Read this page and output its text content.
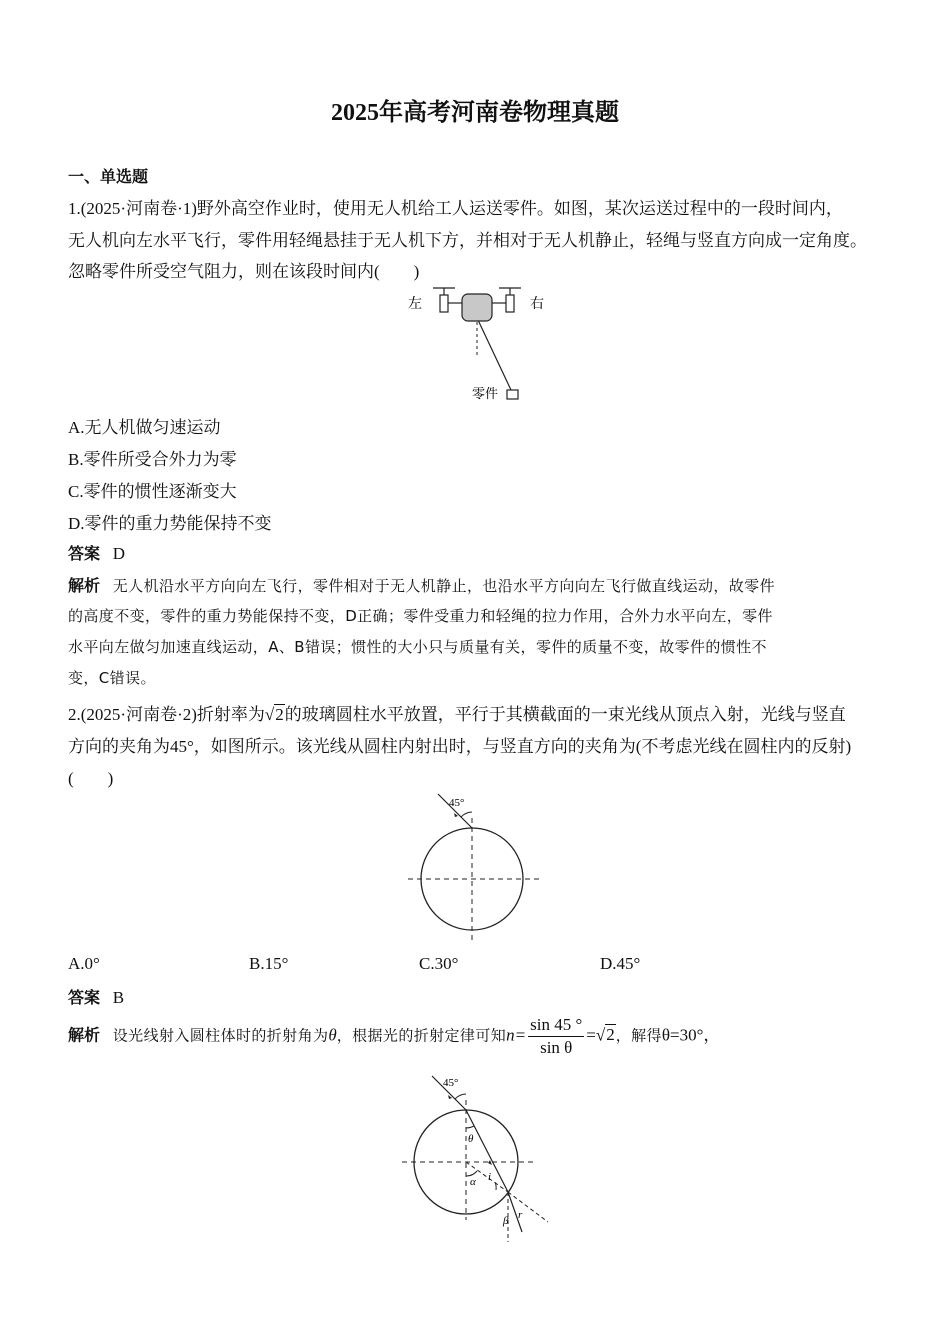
2025年高考河南卷物理真题
一、单选题
1.(2025·河南卷·1)野外高空作业时，使用无人机给工人运送零件。如图，某次运送过程中的一段时间内，
无人机向左水平飞行，零件用轻绳悬挂于无人机下方，并相对于无人机静止，轻绳与竖直方向成一定角度。
忽略零件所受空气阻力，则在该段时间内(　　)
左	右
零件
A.无人机做匀速运动
B.零件所受合外力为零
C.零件的惯性逐渐变大
D.零件的重力势能保持不变
答案 D
解析 无人机沿水平方向向左飞行，零件相对于无人机静止，也沿水平方向向左飞行做直线运动，故零件
的高度不变，零件的重力势能保持不变，D正确；零件受重力和轻绳的拉力作用，合外力水平向左，零件
水平向左做匀加速直线运动，A、B错误；惯性的大小只与质量有关，零件的质量不变，故零件的惯性不
变，C错误。
2.(2025·河南卷·2)折射率为√2的玻璃圆柱水平放置，平行于其横截面的一束光线从顶点入射，光线与竖直
方向的夹角为45°，如图所示。该光线从圆柱内射出时，与竖直方向的夹角为(不考虑光线在圆柱内的反射)
(　　)
45°
A.0°	B.15°	C.30°	D.45°
答案 B
解析 设光线射入圆柱体时的折射角为θ，根据光的折射定律可知$n= \frac{\sin 45 ^\circ}{\text{sin θ}} =√2$，解得θ=30°，
45°
θ
i
α
r
β
